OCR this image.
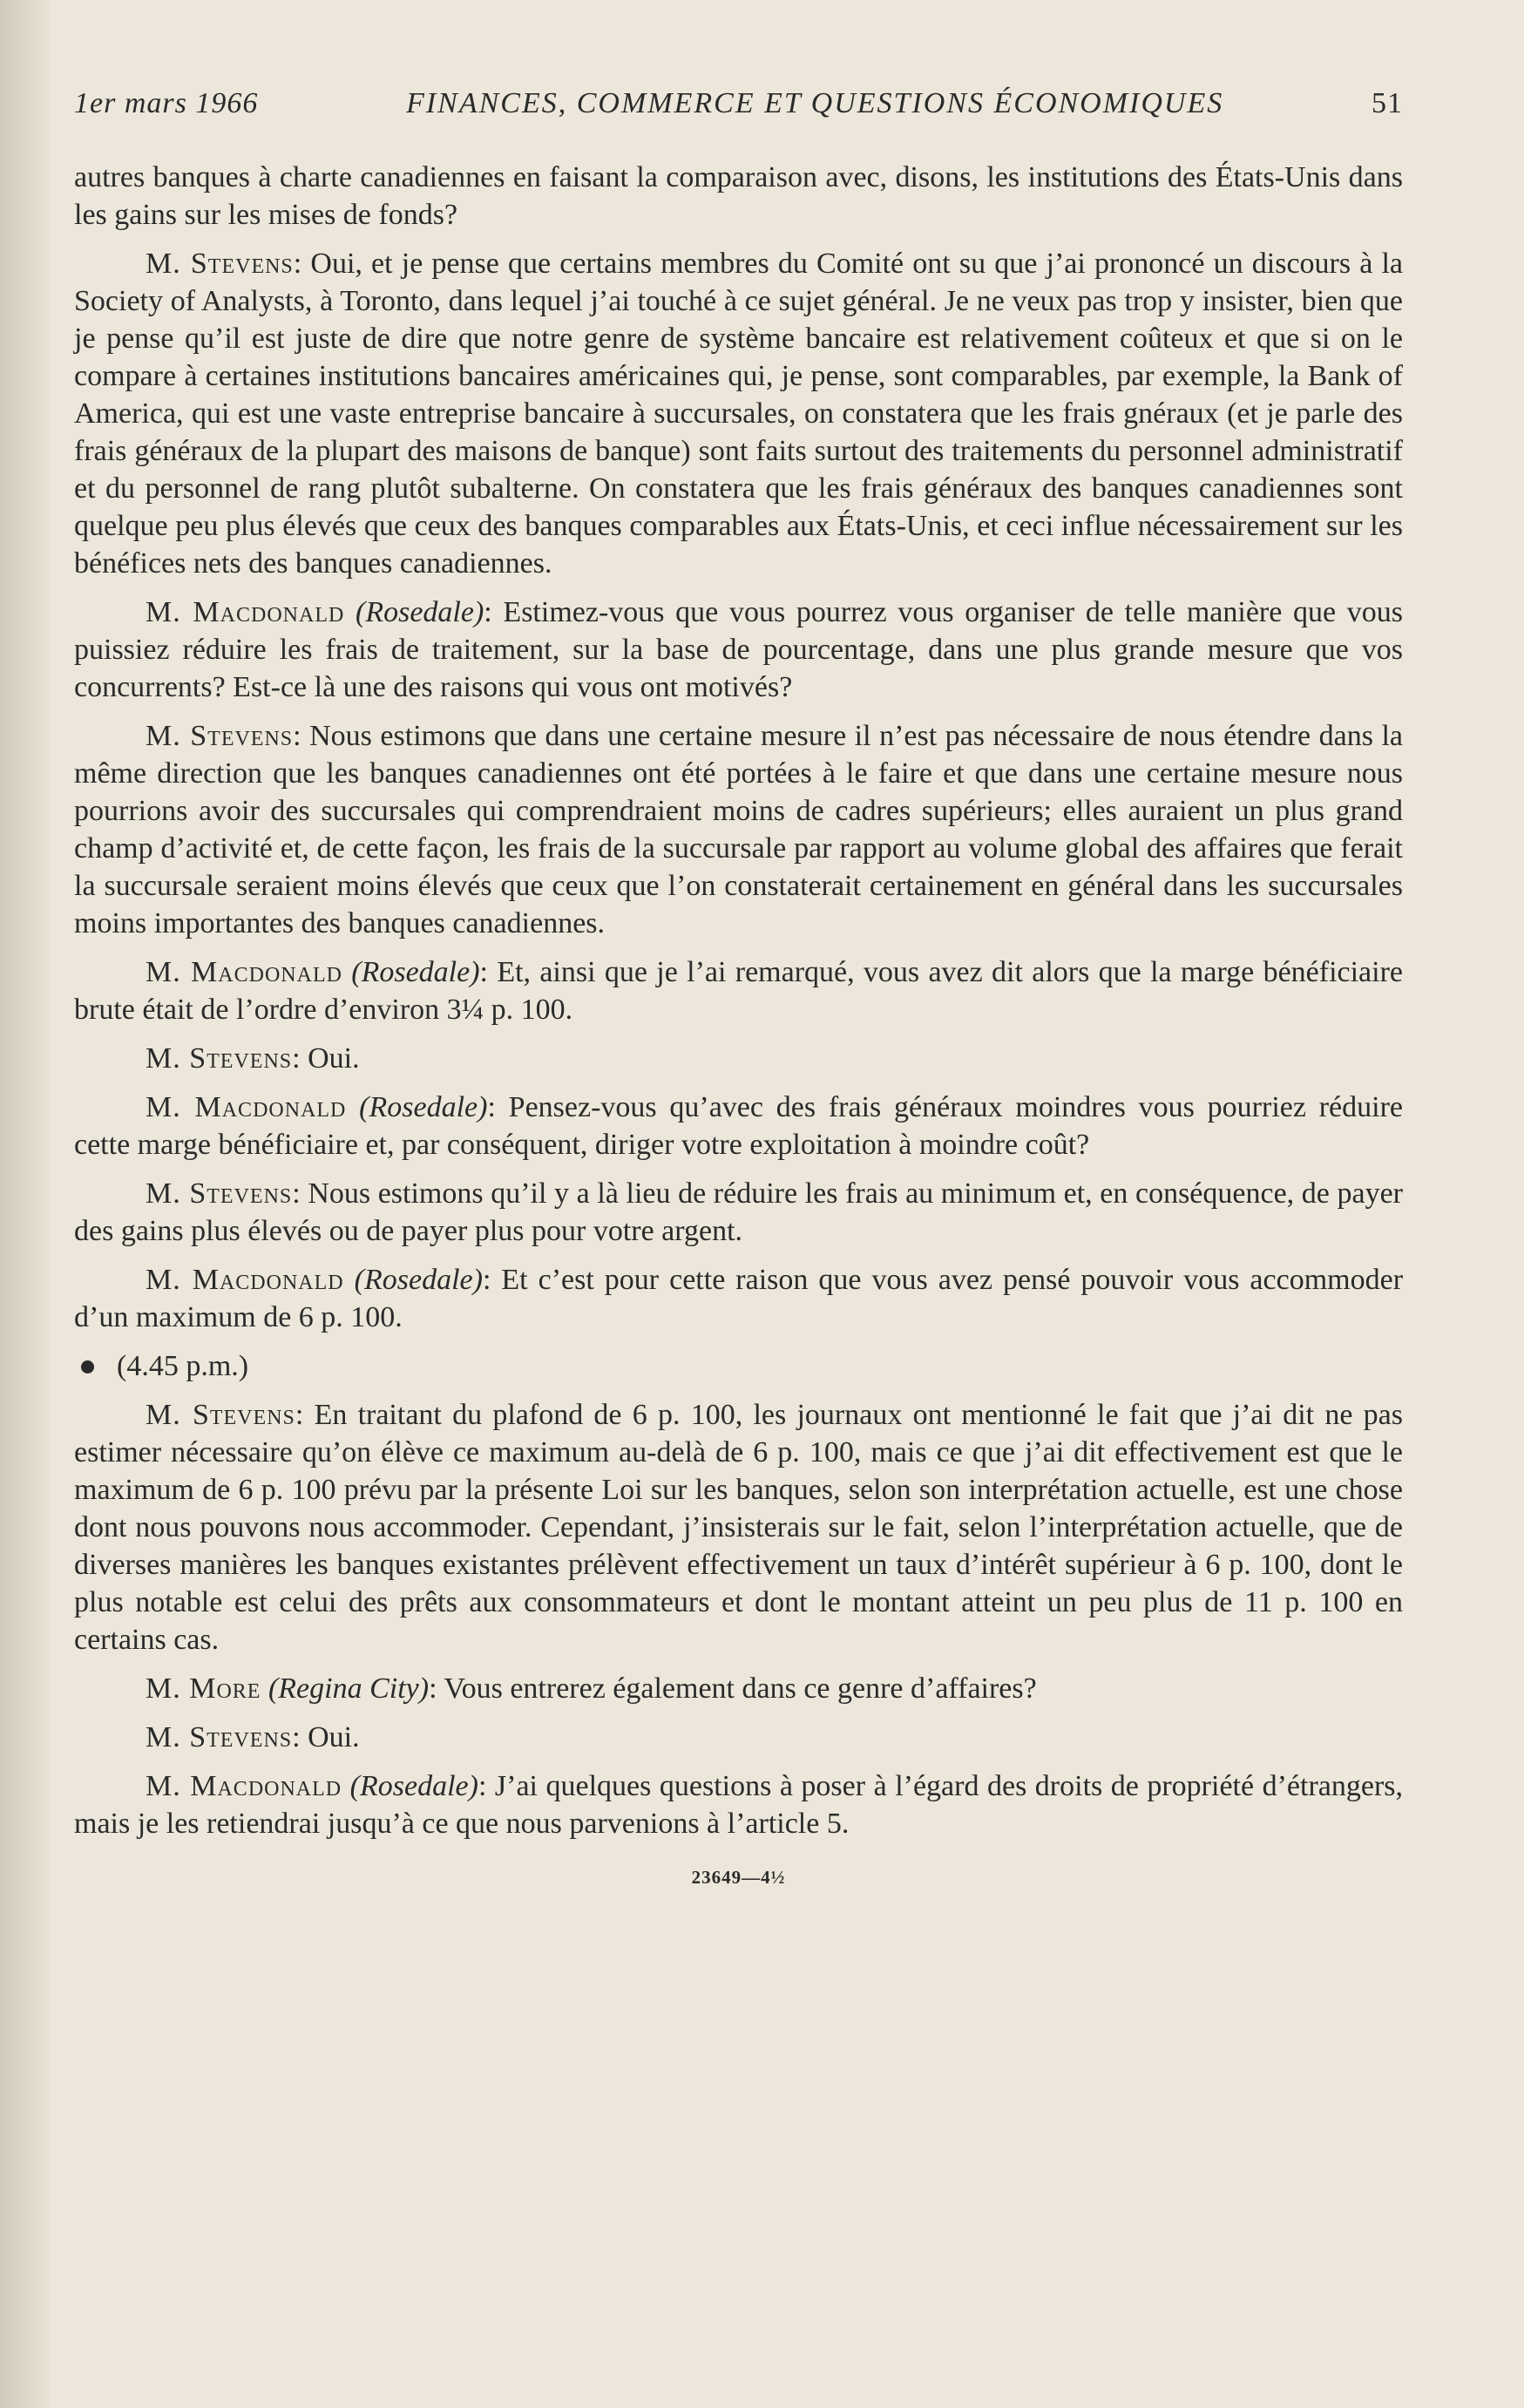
1er mars 1966	FINANCES, COMMERCE ET QUESTIONS ÉCONOMIQUES	51

autres banques à charte canadiennes en faisant la comparaison avec, disons, les institutions des États-Unis dans les gains sur les mises de fonds?

M. Stevens: Oui, et je pense que certains membres du Comité ont su que j’ai prononcé un discours à la Society of Analysts, à Toronto, dans lequel j’ai touché à ce sujet général. Je ne veux pas trop y insister, bien que je pense qu’il est juste de dire que notre genre de système bancaire est relativement coûteux et que si on le compare à certaines institutions bancaires américaines qui, je pense, sont comparables, par exemple, la Bank of America, qui est une vaste entreprise bancaire à succursales, on constatera que les frais gnéraux (et je parle des frais généraux de la plupart des maisons de banque) sont faits surtout des traitements du personnel administratif et du personnel de rang plutôt subalterne. On constatera que les frais généraux des banques canadiennes sont quelque peu plus élevés que ceux des banques comparables aux États-Unis, et ceci influe nécessairement sur les bénéfices nets des banques canadiennes.

M. Macdonald (Rosedale): Estimez-vous que vous pourrez vous organiser de telle manière que vous puissiez réduire les frais de traitement, sur la base de pourcentage, dans une plus grande mesure que vos concurrents? Est-ce là une des raisons qui vous ont motivés?

M. Stevens: Nous estimons que dans une certaine mesure il n’est pas nécessaire de nous étendre dans la même direction que les banques canadiennes ont été portées à le faire et que dans une certaine mesure nous pourrions avoir des succursales qui comprendraient moins de cadres supérieurs; elles auraient un plus grand champ d’activité et, de cette façon, les frais de la succursale par rapport au volume global des affaires que ferait la succursale seraient moins élevés que ceux que l’on constaterait certainement en général dans les succursales moins importantes des banques canadiennes.

M. Macdonald (Rosedale): Et, ainsi que je l’ai remarqué, vous avez dit alors que la marge bénéficiaire brute était de l’ordre d’environ 3¼ p. 100.

M. Stevens: Oui.

M. Macdonald (Rosedale): Pensez-vous qu’avec des frais généraux moindres vous pourriez réduire cette marge bénéficiaire et, par conséquent, diriger votre exploitation à moindre coût?

M. Stevens: Nous estimons qu’il y a là lieu de réduire les frais au minimum et, en conséquence, de payer des gains plus élevés ou de payer plus pour votre argent.

M. Macdonald (Rosedale): Et c’est pour cette raison que vous avez pensé pouvoir vous accommoder d’un maximum de 6 p. 100.

(4.45 p.m.)

M. Stevens: En traitant du plafond de 6 p. 100, les journaux ont mentionné le fait que j’ai dit ne pas estimer nécessaire qu’on élève ce maximum au-delà de 6 p. 100, mais ce que j’ai dit effectivement est que le maximum de 6 p. 100 prévu par la présente Loi sur les banques, selon son interprétation actuelle, est une chose dont nous pouvons nous accommoder. Cependant, j’insisterais sur le fait, selon l’interprétation actuelle, que de diverses manières les banques existantes prélèvent effectivement un taux d’intérêt supérieur à 6 p. 100, dont le plus notable est celui des prêts aux consommateurs et dont le montant atteint un peu plus de 11 p. 100 en certains cas.

M. More (Regina City): Vous entrerez également dans ce genre d’affaires?

M. Stevens: Oui.

M. Macdonald (Rosedale): J’ai quelques questions à poser à l’égard des droits de propriété d’étrangers, mais je les retiendrai jusqu’à ce que nous parvenions à l’article 5.

23649—4½
